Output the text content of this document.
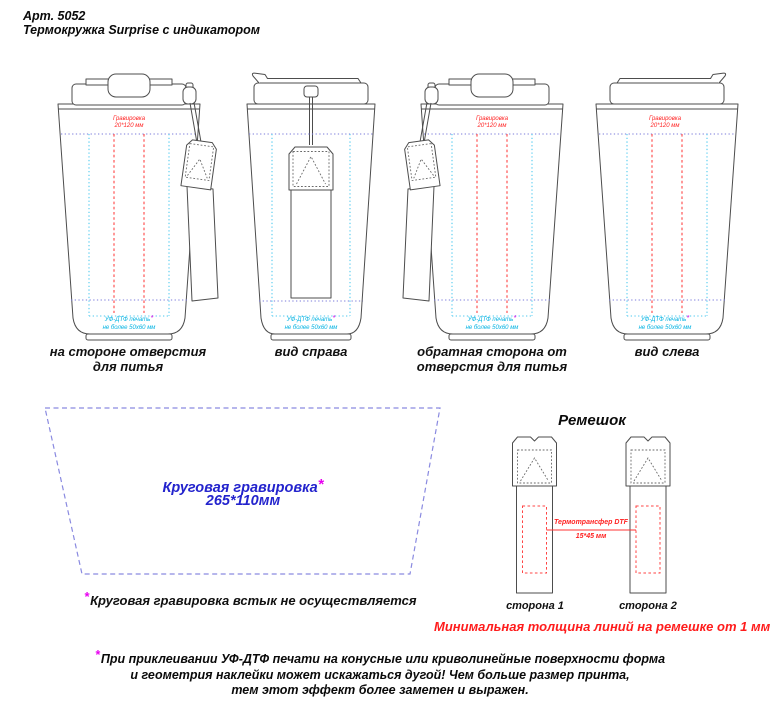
Арт. 5052
Термокружка Surprise с индикатором
Гравировка
20*120 мм
Гравировка
20*120 мм
Гравировка
20*120 мм
УФ-ДТФ печать*
не более 50x60 мм
УФ-ДТФ печать*
не более 50x60 мм
УФ-ДТФ печать*
не более 50x60 мм
УФ-ДТФ печать*
не более 50x60 мм
на стороне отверстия
для питья
вид справа	обратная сторона от
отверстия для питья
вид слева
Круговая гравировка*
265*110мм
*Круговая гравировка встык не осуществляется
Ремешок
Термотрансфер DTF
15*45 мм
сторона 1	сторона 2
Минимальная толщина линий на ремешке от 1 мм
*При приклеивании УФ-ДТФ печати на конусные или криволинейные поверхности форма
и геометрия наклейки может искажаться дугой! Чем больше размер принта,
тем этот эффект более заметен и выражен.
